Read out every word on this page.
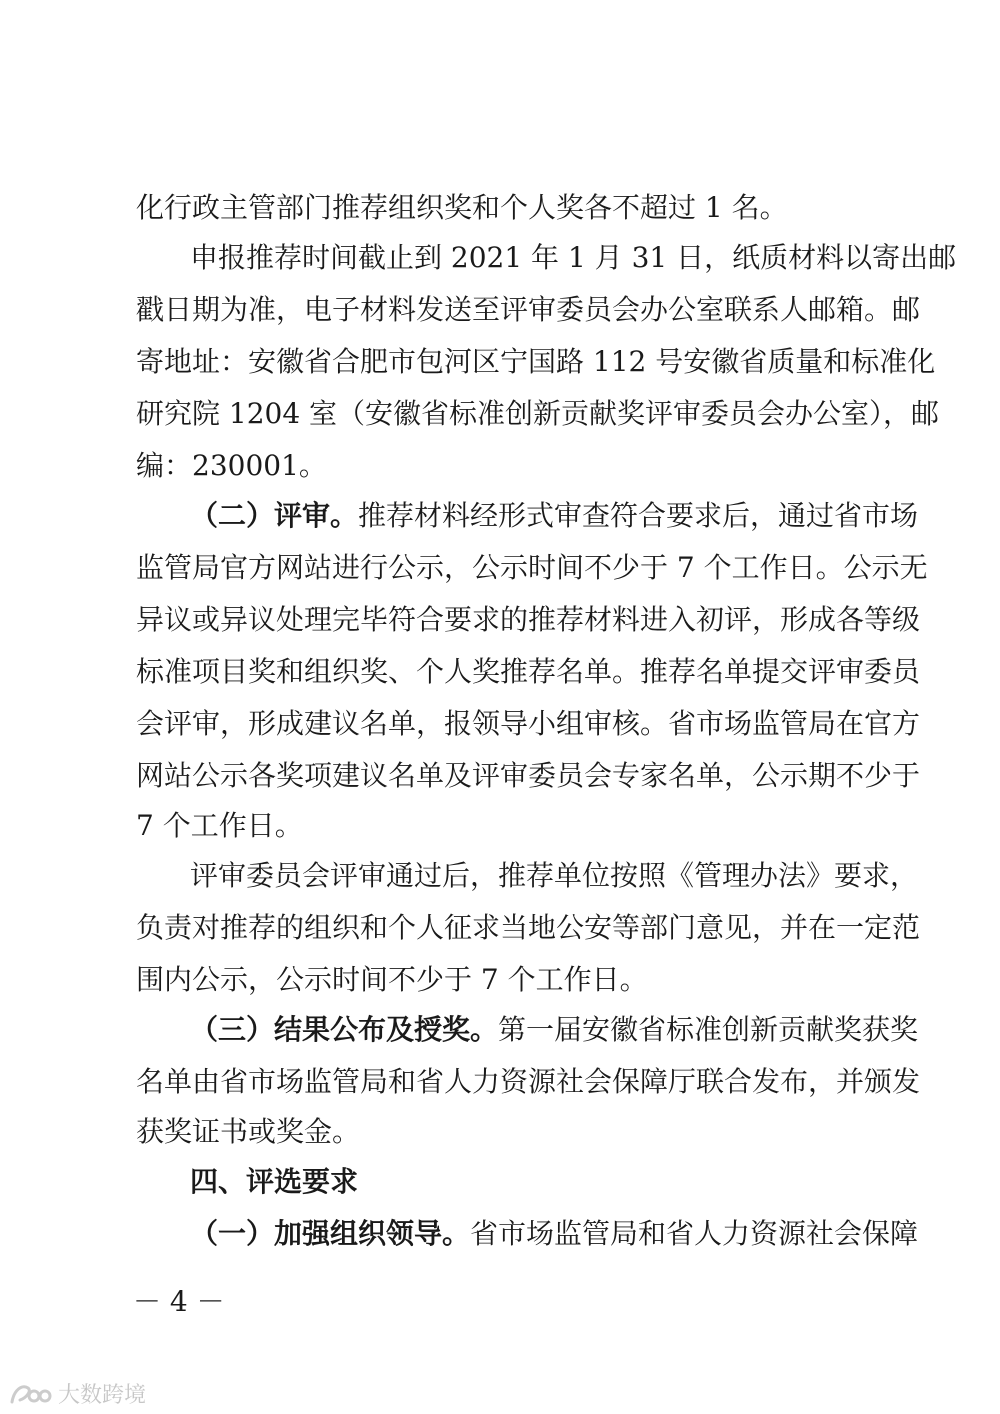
化行政主管部门推荐组织奖和个人奖各不超过 1 名。
申报推荐时间截止到 2021 年 1 月 31 日，纸质材料以寄出邮
戳日期为准，电子材料发送至评审委员会办公室联系人邮箱。邮
寄地址：安徽省合肥市包河区宁国路 112 号安徽省质量和标准化
研究院 1204 室（安徽省标准创新贡献奖评审委员会办公室），邮
编：230001。
（二）评审。推荐材料经形式审查符合要求后，通过省市场
监管局官方网站进行公示，公示时间不少于 7 个工作日。公示无
异议或异议处理完毕符合要求的推荐材料进入初评，形成各等级
标准项目奖和组织奖、个人奖推荐名单。推荐名单提交评审委员
会评审，形成建议名单，报领导小组审核。省市场监管局在官方
网站公示各奖项建议名单及评审委员会专家名单，公示期不少于
7 个工作日。
评审委员会评审通过后，推荐单位按照《管理办法》要求，
负责对推荐的组织和个人征求当地公安等部门意见，并在一定范
围内公示，公示时间不少于 7 个工作日。
（三）结果公布及授奖。第一届安徽省标准创新贡献奖获奖
名单由省市场监管局和省人力资源社会保障厅联合发布，并颁发
获奖证书或奖金。
四、评选要求
（一）加强组织领导。省市场监管局和省人力资源社会保障
－ 4 －
大数跨境
